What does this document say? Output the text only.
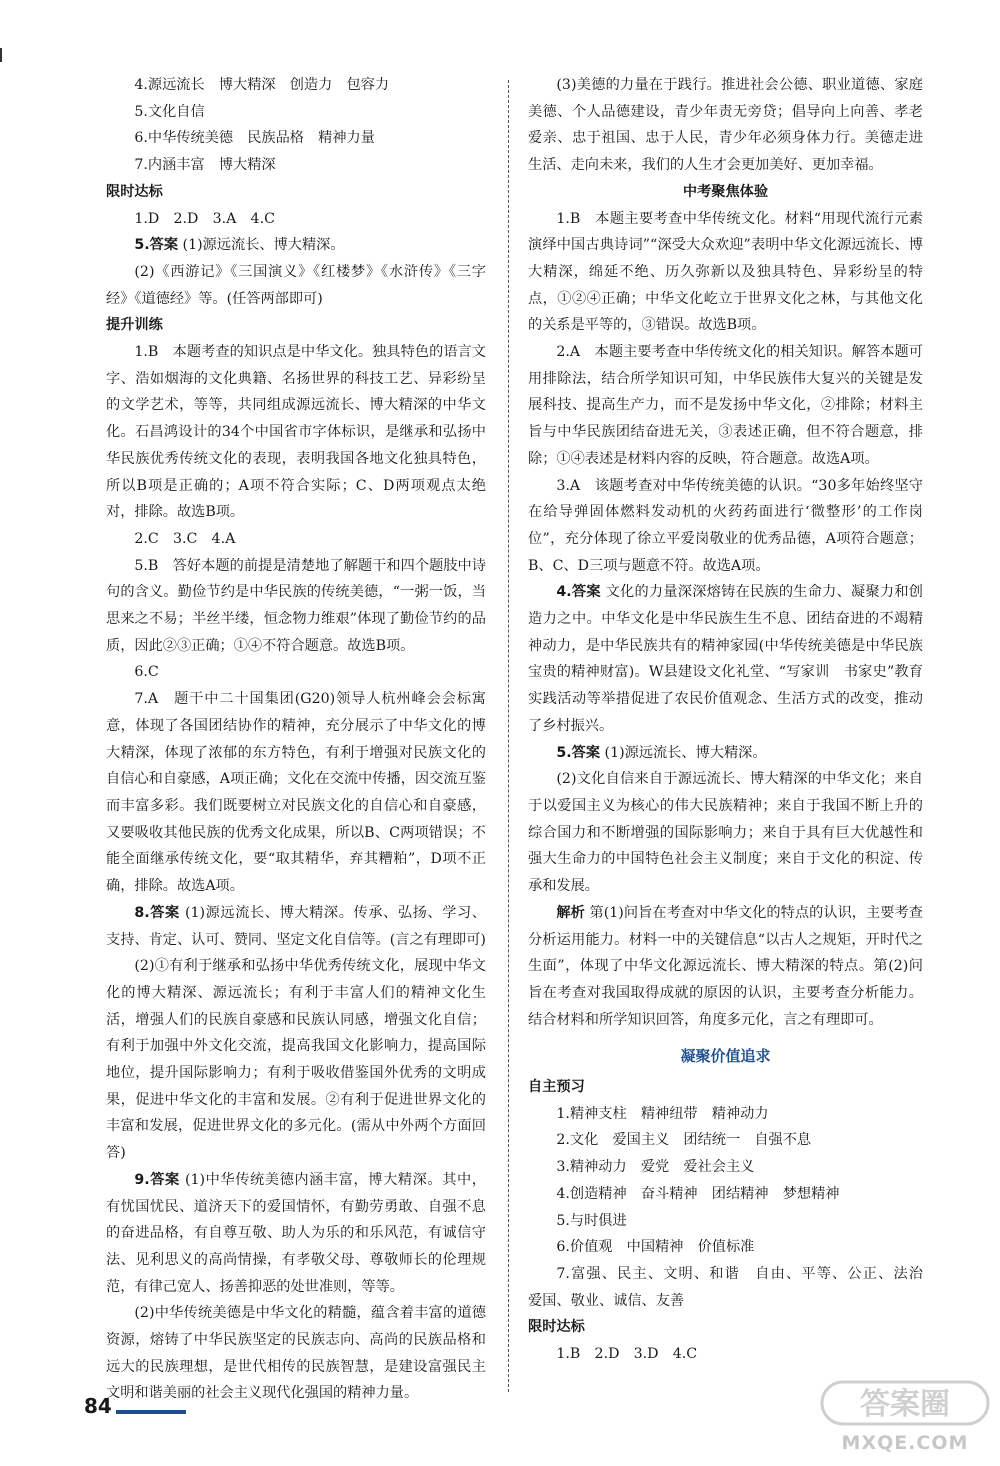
4.源远流长　博大精深　创造力　包容力

5.文化自信

6.中华传统美德　民族品格　精神力量

7.内涵丰富　博大精深

限时达标

1.D　2.D　3.A　4.C

5.答案 (1)源远流长、博大精深。

(2)《西游记》《三国演义》《红楼梦》《水浒传》《三字经》《道德经》等。(任答两部即可)

提升训练

1.B　本题考查的知识点是中华文化。独具特色的语言文字、浩如烟海的文化典籍、名扬世界的科技工艺、异彩纷呈的文学艺术，等等，共同组成源远流长、博大精深的中华文化。石昌鸿设计的34个中国省市字体标识，是继承和弘扬中华民族优秀传统文化的表现，表明我国各地文化独具特色，所以B项是正确的；A项不符合实际；C、D两项观点太绝对，排除。故选B项。

2.C　3.C　4.A

5.B　答好本题的前提是清楚地了解题干和四个题肢中诗句的含义。勤俭节约是中华民族的传统美德，“一粥一饭，当思来之不易；半丝半缕，恒念物力维艰”体现了勤俭节约的品质，因此②③正确；①④不符合题意。故选B项。

6.C

7.A　题干中二十国集团(G20)领导人杭州峰会会标寓意，体现了各国团结协作的精神，充分展示了中华文化的博大精深，体现了浓郁的东方特色，有利于增强对民族文化的自信心和自豪感，A项正确；文化在交流中传播，因交流互鉴而丰富多彩。我们既要树立对民族文化的自信心和自豪感，又要吸收其他民族的优秀文化成果，所以B、C两项错误；不能全面继承传统文化，要“取其精华，弃其糟粕”，D项不正确，排除。故选A项。

8.答案 (1)源远流长、博大精深。传承、弘扬、学习、支持、肯定、认可、赞同、坚定文化自信等。(言之有理即可)

(2)①有利于继承和弘扬中华优秀传统文化，展现中华文化的博大精深、源远流长；有利于丰富人们的精神文化生活，增强人们的民族自豪感和民族认同感，增强文化自信；有利于加强中外文化交流，提高我国文化影响力，提高国际地位，提升国际影响力；有利于吸收借鉴国外优秀的文明成果，促进中华文化的丰富和发展。②有利于促进世界文化的丰富和发展，促进世界文化的多元化。(需从中外两个方面回答)

9.答案 (1)中华传统美德内涵丰富，博大精深。其中，有忧国忧民、道济天下的爱国情怀，有勤劳勇敢、自强不息的奋进品格，有自尊互敬、助人为乐的和乐风范，有诚信守法、见利思义的高尚情操，有孝敬父母、尊敬师长的伦理规范，有律己宽人、扬善抑恶的处世准则，等等。

(2)中华传统美德是中华文化的精髓，蕴含着丰富的道德资源，熔铸了中华民族坚定的民族志向、高尚的民族品格和远大的民族理想，是世代相传的民族智慧，是建设富强民主文明和谐美丽的社会主义现代化强国的精神力量。

(3)美德的力量在于践行。推进社会公德、职业道德、家庭美德、个人品德建设，青少年责无旁贷；倡导向上向善、孝老爱亲、忠于祖国、忠于人民，青少年必须身体力行。美德走进生活、走向未来，我们的人生才会更加美好、更加幸福。

中考聚焦体验

1.B　本题主要考查中华传统文化。材料“用现代流行元素演绎中国古典诗词”“深受大众欢迎”表明中华文化源远流长、博大精深，绵延不绝、历久弥新以及独具特色、异彩纷呈的特点，①②④正确；中华文化屹立于世界文化之林，与其他文化的关系是平等的，③错误。故选B项。

2.A　本题主要考查中华传统文化的相关知识。解答本题可用排除法，结合所学知识可知，中华民族伟大复兴的关键是发展科技、提高生产力，而不是发扬中华文化，②排除；材料主旨与中华民族团结奋进无关，③表述正确，但不符合题意，排除；①④表述是材料内容的反映，符合题意。故选A项。

3.A　该题考查对中华传统美德的认识。“30多年始终坚守在给导弹固体燃料发动机的火药药面进行‘微整形’的工作岗位”，充分体现了徐立平爱岗敬业的优秀品德，A项符合题意；B、C、D三项与题意不符。故选A项。

4.答案 文化的力量深深熔铸在民族的生命力、凝聚力和创造力之中。中华文化是中华民族生生不息、团结奋进的不竭精神动力，是中华民族共有的精神家园(中华传统美德是中华民族宝贵的精神财富)。W县建设文化礼堂、“写家训　书家史”教育实践活动等举措促进了农民价值观念、生活方式的改变，推动了乡村振兴。

5.答案 (1)源远流长、博大精深。

(2)文化自信来自于源远流长、博大精深的中华文化；来自于以爱国主义为核心的伟大民族精神；来自于我国不断上升的综合国力和不断增强的国际影响力；来自于具有巨大优越性和强大生命力的中国特色社会主义制度；来自于文化的积淀、传承和发展。

解析 第(1)问旨在考查对中华文化的特点的认识，主要考查分析运用能力。材料一中的关键信息“以古人之规矩，开时代之生面”，体现了中华文化源远流长、博大精深的特点。第(2)问旨在考查对我国取得成就的原因的认识，主要考查分析能力。结合材料和所学知识回答，角度多元化，言之有理即可。

凝聚价值追求
自主预习

1.精神支柱　精神纽带　精神动力

2.文化　爱国主义　团结统一　自强不息

3.精神动力　爱党　爱社会主义

4.创造精神　奋斗精神　团结精神　梦想精神

5.与时俱进

6.价值观　中国精神　价值标准

7.富强、民主、文明、和谐　自由、平等、公正、法治　爱国、敬业、诚信、友善

限时达标

1.B　2.D　3.D　4.C

84	答案圈
MXQE.COM
